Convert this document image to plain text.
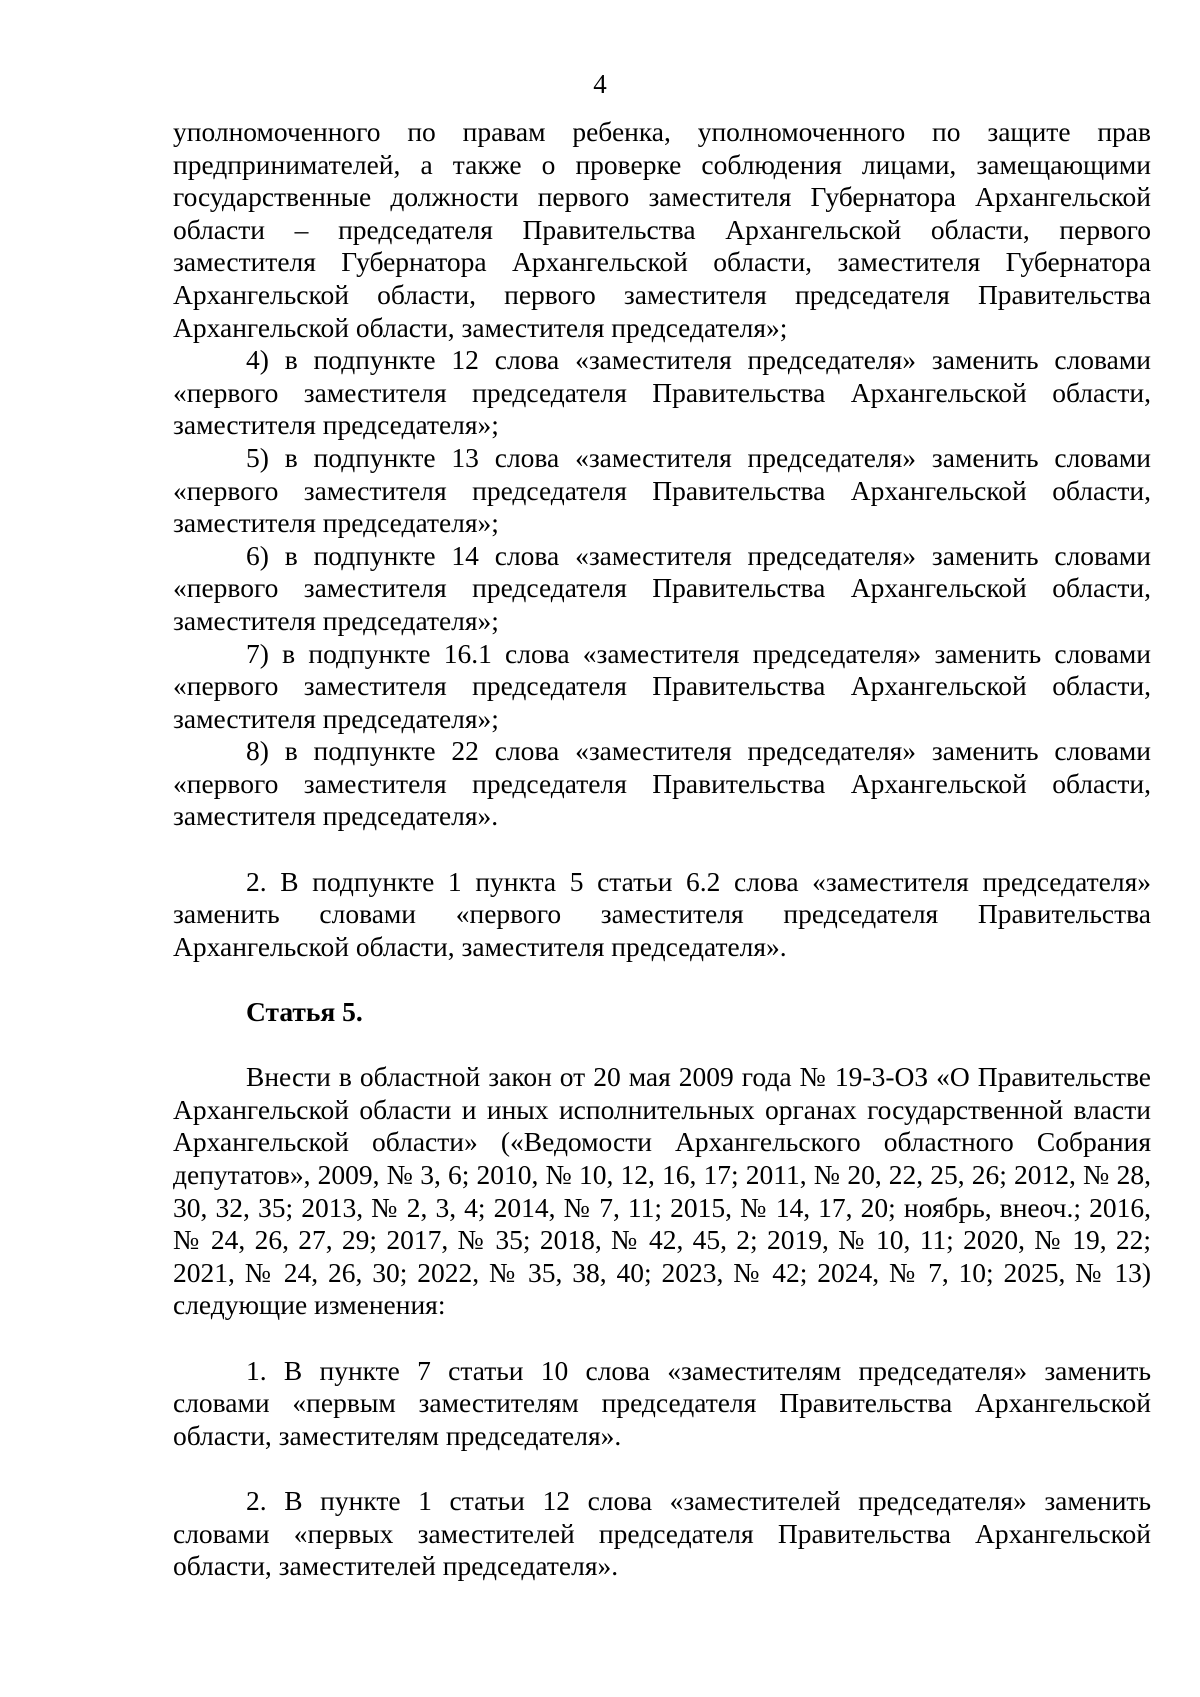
4

уполномоченного по правам ребенка, уполномоченного по защите прав предпринимателей, а также о проверке соблюдения лицами, замещающими государственные должности первого заместителя Губернатора Архангельской области – председателя Правительства Архангельской области, первого заместителя Губернатора Архангельской области, заместителя Губернатора Архангельской области, первого заместителя председателя Правительства Архангельской области, заместителя председателя»;

4) в подпункте 12 слова «заместителя председателя» заменить словами «первого заместителя председателя Правительства Архангельской области, заместителя председателя»;

5) в подпункте 13 слова «заместителя председателя» заменить словами «первого заместителя председателя Правительства Архангельской области, заместителя председателя»;

6) в подпункте 14 слова «заместителя председателя» заменить словами «первого заместителя председателя Правительства Архангельской области, заместителя председателя»;

7) в подпункте 16.1 слова «заместителя председателя» заменить словами «первого заместителя председателя Правительства Архангельской области, заместителя председателя»;

8) в подпункте 22 слова «заместителя председателя» заменить словами «первого заместителя председателя Правительства Архангельской области, заместителя председателя».

2. В подпункте 1 пункта 5 статьи 6.2 слова «заместителя председателя» заменить словами «первого заместителя председателя Правительства Архангельской области, заместителя председателя».

Статья 5.

Внести в областной закон от 20 мая 2009 года № 19-3-ОЗ «О Правительстве Архангельской области и иных исполнительных органах государственной власти Архангельской области» («Ведомости Архангельского областного Собрания депутатов», 2009, № 3, 6; 2010, № 10, 12, 16, 17; 2011, № 20, 22, 25, 26; 2012, № 28, 30, 32, 35; 2013, № 2, 3, 4; 2014, № 7, 11; 2015, № 14, 17, 20; ноябрь, внеоч.; 2016, № 24, 26, 27, 29; 2017, № 35; 2018, № 42, 45, 2; 2019, № 10, 11; 2020, № 19, 22; 2021, № 24, 26, 30; 2022, № 35, 38, 40; 2023, № 42; 2024, № 7, 10; 2025, № 13) следующие изменения:

1. В пункте 7 статьи 10 слова «заместителям председателя» заменить словами «первым заместителям председателя Правительства Архангельской области, заместителям председателя».

2. В пункте 1 статьи 12 слова «заместителей председателя» заменить словами «первых заместителей председателя Правительства Архангельской области, заместителей председателя».
